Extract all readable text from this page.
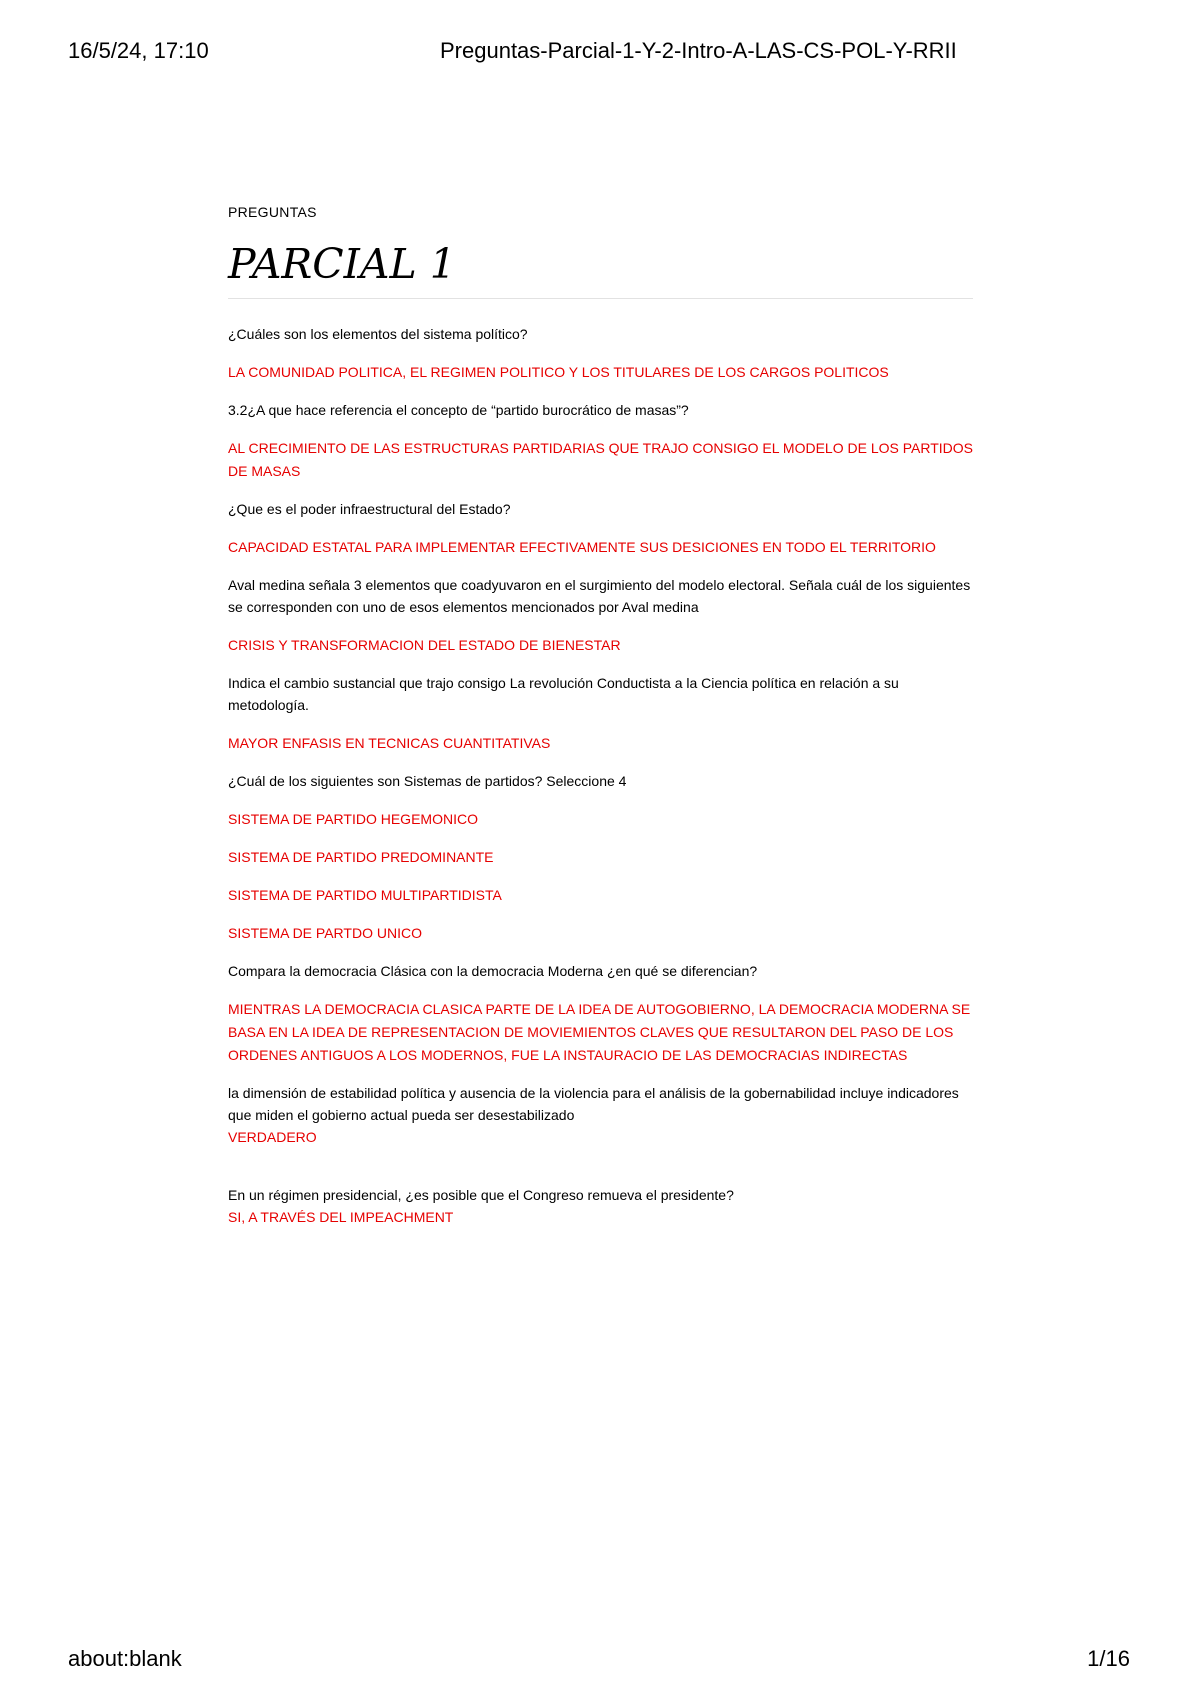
16/5/24, 17:10	Preguntas-Parcial-1-Y-2-Intro-A-LAS-CS-POL-Y-RRII
PREGUNTAS
PARCIAL 1

¿Cuáles son los elementos del sistema político?

LA COMUNIDAD POLITICA, EL REGIMEN POLITICO Y LOS TITULARES DE LOS CARGOS POLITICOS

3.2¿A que hace referencia el concepto de “partido burocrático de masas”?

AL CRECIMIENTO DE LAS ESTRUCTURAS PARTIDARIAS QUE TRAJO CONSIGO EL MODELO DE LOS PARTIDOS DE MASAS

¿Que es el poder infraestructural del Estado?

CAPACIDAD ESTATAL PARA IMPLEMENTAR EFECTIVAMENTE SUS DESICIONES EN TODO EL TERRITORIO

Aval medina señala 3 elementos que coadyuvaron en el surgimiento del modelo electoral. Señala cuál de los siguientes se corresponden con uno de esos elementos mencionados por Aval medina

CRISIS Y TRANSFORMACION DEL ESTADO DE BIENESTAR

Indica el cambio sustancial que trajo consigo La revolución Conductista a la Ciencia política en relación a su metodología.

MAYOR ENFASIS EN TECNICAS CUANTITATIVAS

¿Cuál de los siguientes son Sistemas de partidos? Seleccione 4

SISTEMA DE PARTIDO HEGEMONICO

SISTEMA DE PARTIDO PREDOMINANTE

SISTEMA DE PARTIDO MULTIPARTIDISTA

SISTEMA DE PARTDO UNICO

Compara la democracia Clásica con la democracia Moderna ¿en qué se diferencian?

MIENTRAS LA DEMOCRACIA CLASICA PARTE DE LA IDEA DE AUTOGOBIERNO, LA DEMOCRACIA MODERNA SE BASA EN LA IDEA DE REPRESENTACION DE MOVIEMIENTOS CLAVES QUE RESULTARON DEL PASO DE LOS ORDENES ANTIGUOS A LOS MODERNOS, FUE LA INSTAURACIO DE LAS DEMOCRACIAS INDIRECTAS

la dimensión de estabilidad política y ausencia de la violencia para el análisis de la gobernabilidad incluye indicadores que miden el gobierno actual pueda ser desestabilizado

VERDADERO

En un régimen presidencial, ¿es posible que el Congreso remueva el presidente?

SI, A TRAVÉS DEL IMPEACHMENT

about:blank	1/16
